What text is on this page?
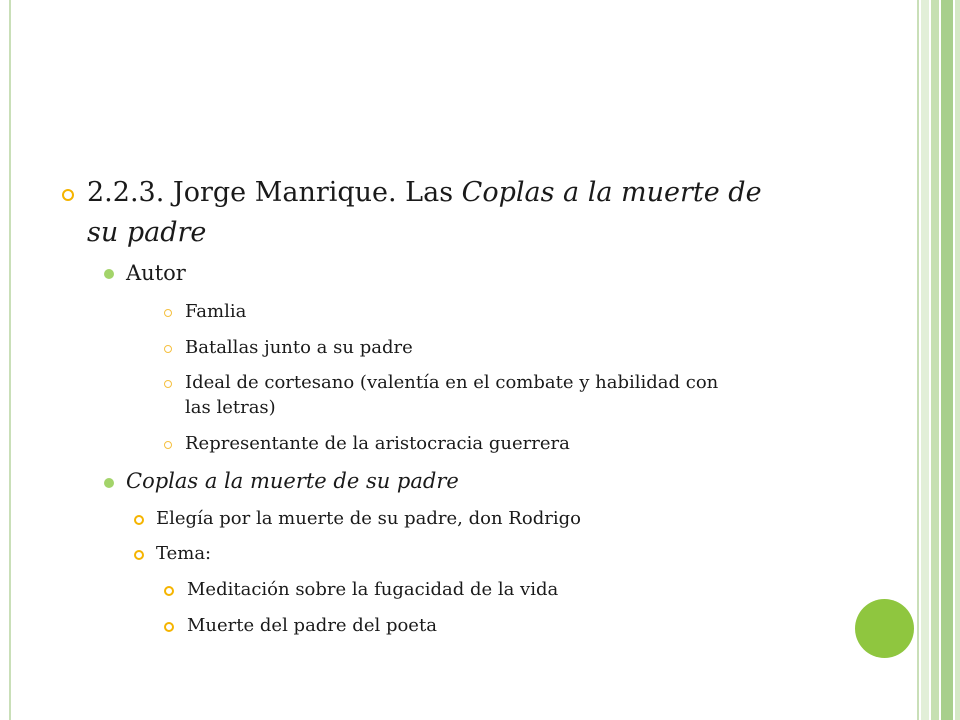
2.2.3. Jorge Manrique. Las Coplas a la muerte de
su padre
Autor
Famlia
Batallas junto a su padre
Ideal de cortesano (valentía en el combate y habilidad con
las letras)
Representante de la aristocracia guerrera
Coplas a la muerte de su padre
Elegía por la muerte de su padre, don Rodrigo
Tema:
Meditación sobre la fugacidad de la vida
Muerte del padre del poeta
